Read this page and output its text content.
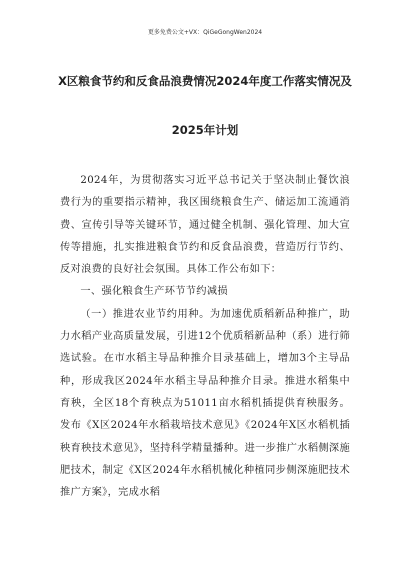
更多免费公文+VX：QiGeGongWen2024
X区粮食节约和反食品浪费情况2024年度工作落实情况及
2025年计划

2024年，为贯彻落实习近平总书记关于坚决制止餐饮浪费行为的重要指示精神，我区围绕粮食生产、储运加工流通消费、宣传引导等关键环节，通过健全机制、强化管理、加大宣传等措施，扎实推进粮食节约和反食品浪费，营造厉行节约、反对浪费的良好社会氛围。具体工作公布如下：

一、强化粮食生产环节节约减损

（一）推进农业节约用种。为加速优质稻新品种推广，助力水稻产业高质量发展，引进12个优质稻新品种（系）进行筛选试验。在市水稻主导品种推介目录基础上，增加3个主导品种，形成我区2024年水稻主导品种推介目录。推进水稻集中育秧，全区18个育秧点为51011亩水稻机插提供育秧服务。发布《X区2024年水稻栽培技术意见》《2024年X区水稻机插秧育秧技术意见》，坚持科学精量播种。进一步推广水稻侧深施肥技术，制定《X区2024年水稻机械化种植同步侧深施肥技术推广方案》，完成水稻
